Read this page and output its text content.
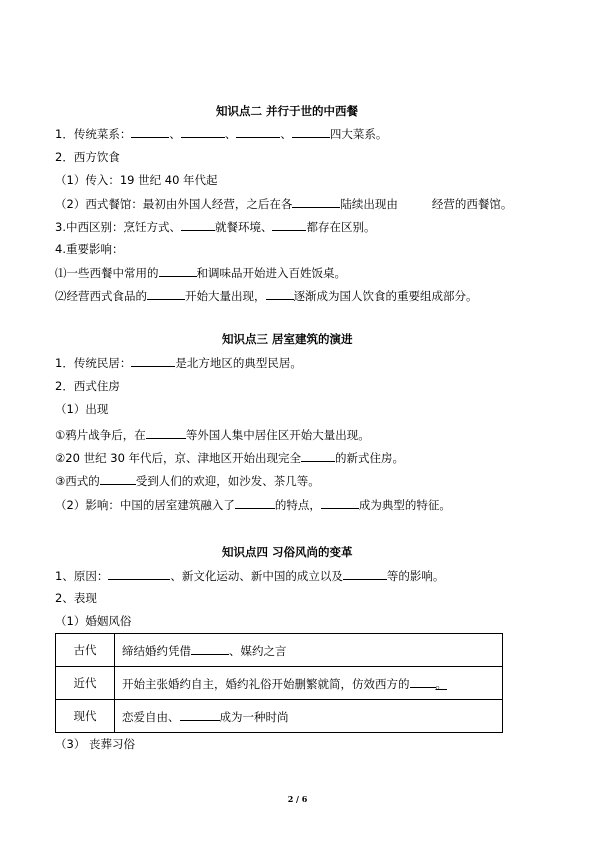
知识点二 并行于世的中西餐
1．传统菜系：	、	、	、	四大菜系。
2．西方饮食
（1）传入：19 世纪 40 年代起
（2）西式餐馆：最初由外国人经营，之后在各	陆续出现由	经营的西餐馆。
3.中西区别：烹饪方式、	就餐环境、	都存在区别。
4.重要影响：
⑴一些西餐中常用的	和调味品开始进入百姓饭桌。
⑵经营西式食品的	开始大量出现， 逐渐成为国人饮食的重要组成部分。
知识点三 居室建筑的演进
1．传统民居：	是北方地区的典型民居。
2．西式住房
（1）出现
①鸦片战争后，在	等外国人集中居住区开始大量出现。
②20 世纪 30 年代后，京、津地区开始出现完全	的新式住房。
③西式的	受到人们的欢迎，如沙发、茶几等。
（2）影响：中国的居室建筑融入了	的特点，	成为典型的特征。
知识点四 习俗风尚的变革
1、原因：	、新文化运动、新中国的成立以及	等的影响。
2、表现
（1）婚姻风俗
古代	缔结婚约凭借 、媒约之言
近代	开始主张婚约自主，婚约礼俗开始删繁就简，仿效西方的 。
现代	恋爱自由、 成为一种时尚
（3） 丧葬习俗
2 / 6
